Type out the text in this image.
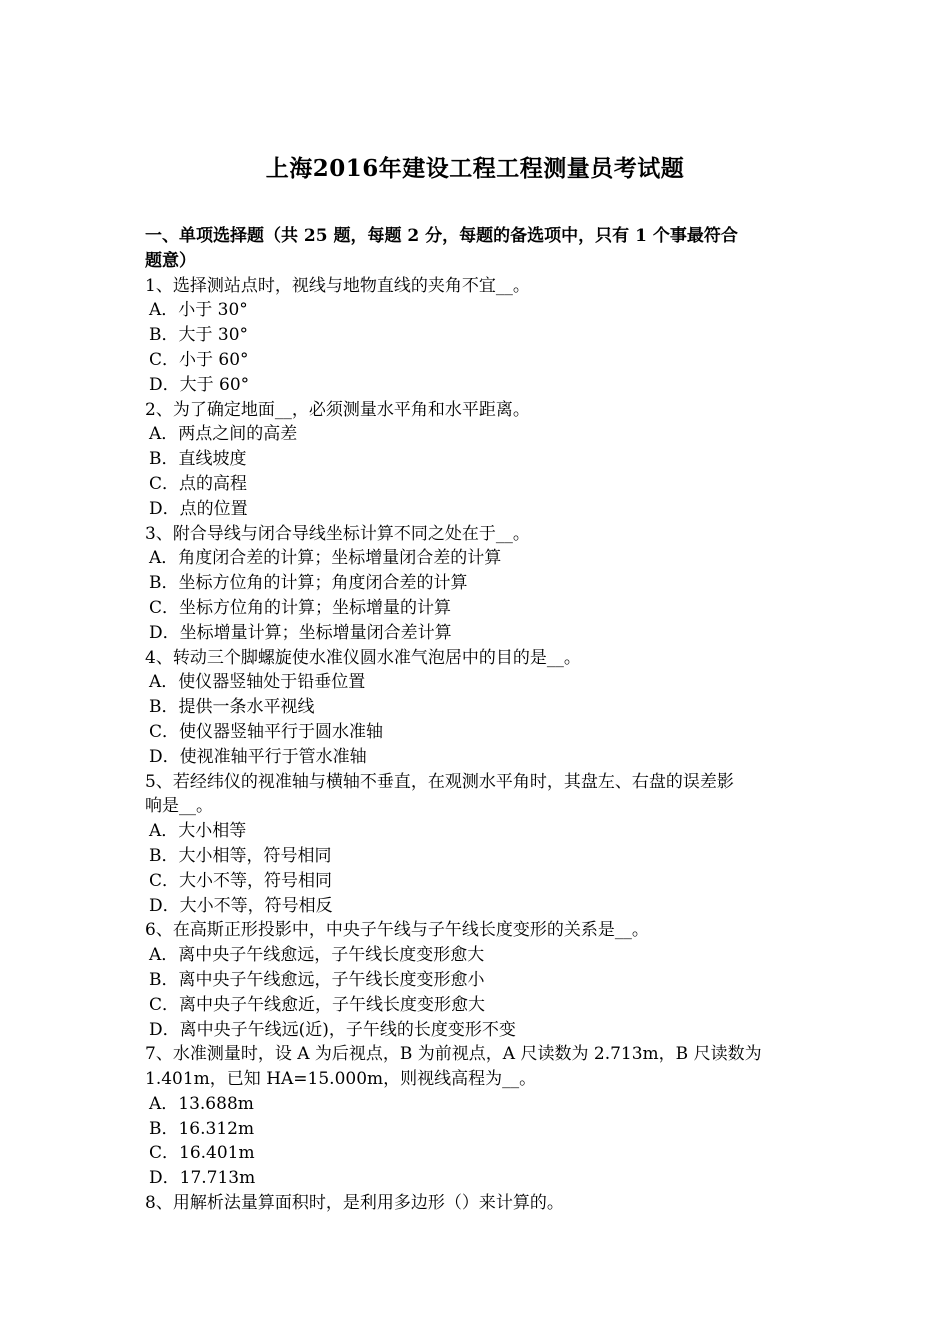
上海2016年建设工程工程测量员考试题

一、单项选择题（共 25 题，每题 2 分，每题的备选项中，只有 1 个事最符合

题意）

1、选择测站点时，视线与地物直线的夹角不宜__。

A．小于 30°

B．大于 30°

C．小于 60°

D．大于 60°

2、为了确定地面__，必须测量水平角和水平距离。

A．两点之间的高差

B．直线坡度

C．点的高程

D．点的位置

3、附合导线与闭合导线坐标计算不同之处在于__。

A．角度闭合差的计算；坐标增量闭合差的计算

B．坐标方位角的计算；角度闭合差的计算

C．坐标方位角的计算；坐标增量的计算

D．坐标增量计算；坐标增量闭合差计算

4、转动三个脚螺旋使水准仪圆水准气泡居中的目的是__。

A．使仪器竖轴处于铅垂位置

B．提供一条水平视线

C．使仪器竖轴平行于圆水准轴

D．使视准轴平行于管水准轴

5、若经纬仪的视准轴与横轴不垂直，在观测水平角时，其盘左、右盘的误差影

响是__。

A．大小相等

B．大小相等，符号相同

C．大小不等，符号相同

D．大小不等，符号相反

6、在高斯正形投影中，中央子午线与子午线长度变形的关系是__。

A．离中央子午线愈远，子午线长度变形愈大

B．离中央子午线愈远，子午线长度变形愈小

C．离中央子午线愈近，子午线长度变形愈大

D．离中央子午线远(近)，子午线的长度变形不变

7、水准测量时，设 A 为后视点，B 为前视点，A 尺读数为 2.713m，B 尺读数为

1.401m，已知 HA=15.000m，则视线高程为__。

A．13.688m

B．16.312m

C．16.401m

D．17.713m

8、用解析法量算面积时，是利用多边形（）来计算的。
